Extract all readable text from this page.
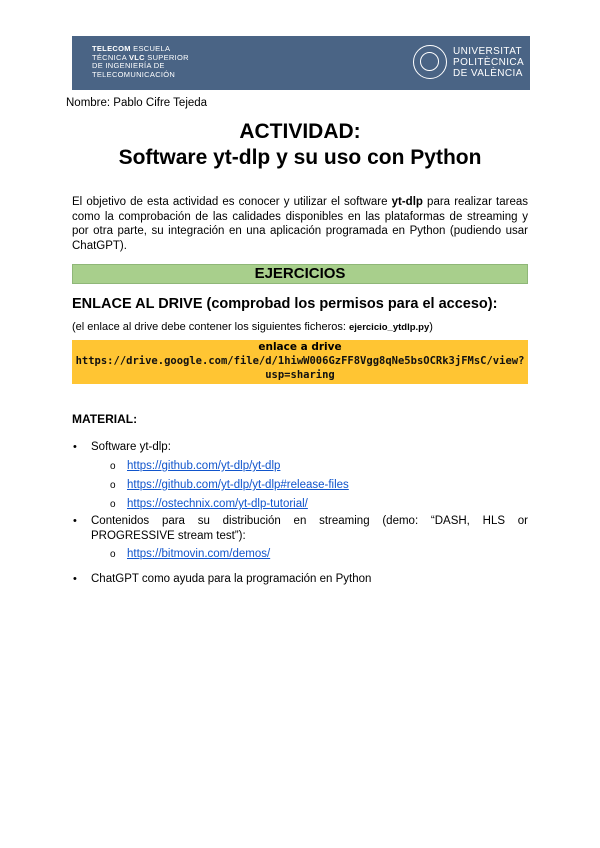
TELECOM ESCUELA
TÉCNICA VLC SUPERIOR
DE INGENIERÍA DE
TELECOMUNICACIÓN
UNIVERSITAT
POLITÈCNICA
DE VALÈNCIA
Nombre: Pablo Cifre Tejeda
ACTIVIDAD:
Software yt-dlp y su uso con Python
El objetivo de esta actividad es conocer y utilizar el software yt-dlp para realizar tareas como la comprobación de las calidades disponibles en las plataformas de streaming y por otra parte, su integración en una aplicación programada en Python (pudiendo usar ChatGPT).
EJERCICIOS
ENLACE AL DRIVE (comprobad los permisos para el acceso):
(el enlace al drive debe contener los siguientes ficheros: ejercicio_ytdlp.py)
enlace a drive
https://drive.google.com/file/d/1hiwW006GzFF8Vgg8qNe5bsOCRk3jFMsC/view?usp=sharing
MATERIAL:
• Software yt-dlp:
o https://github.com/yt-dlp/yt-dlp
o https://github.com/yt-dlp/yt-dlp#release-files
o https://ostechnix.com/yt-dlp-tutorial/
• Contenidos para su distribución en streaming (demo: “DASH, HLS or PROGRESSIVE stream test”):
o https://bitmovin.com/demos/
• ChatGPT como ayuda para la programación en Python
